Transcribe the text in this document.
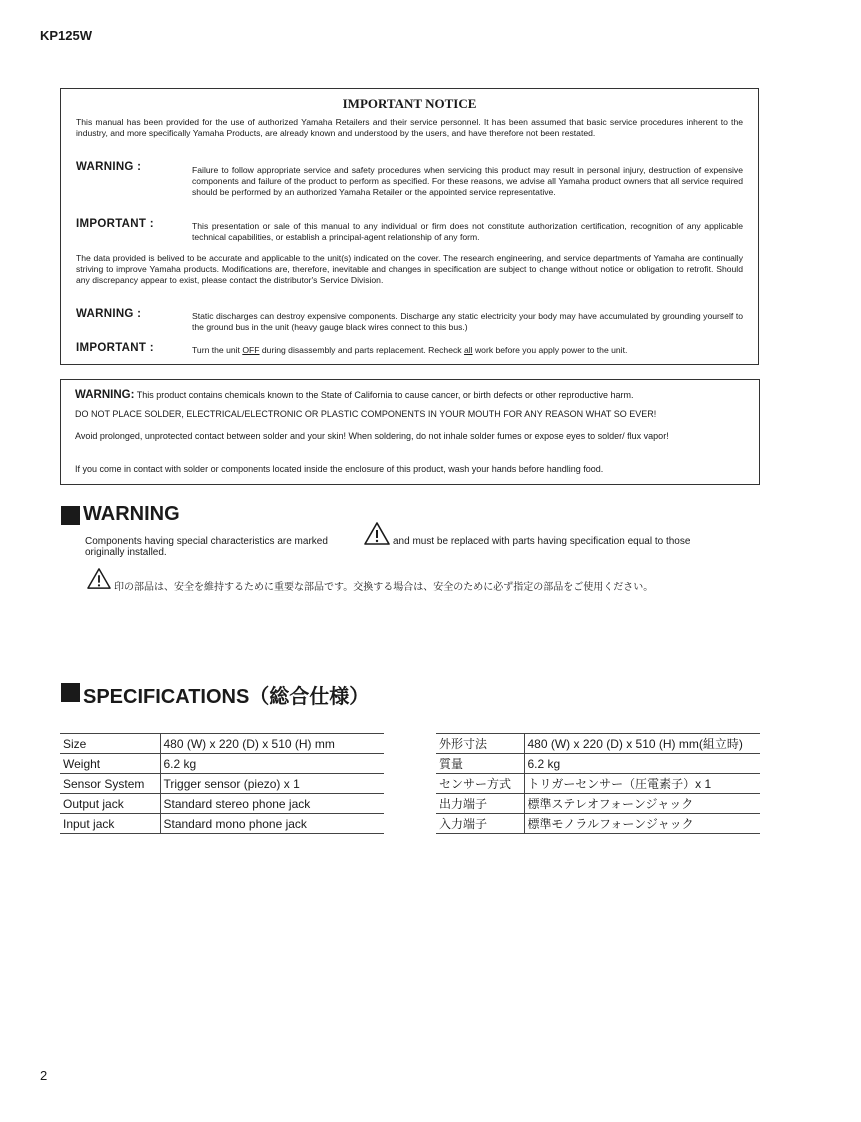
KP125W
IMPORTANT NOTICE
This manual has been provided for the use of authorized Yamaha Retailers and their service personnel. It has been assumed that basic service procedures inherent to the industry, and more specifically Yamaha Products, are already known and understood by the users, and have therefore not been restated.
WARNING :	Failure to follow appropriate service and safety procedures when servicing this product may result in personal injury, destruction of expensive components and failure of the product to perform as specified. For these reasons, we advise all Yamaha product owners that all service required should be performed by an authorized Yamaha Retailer or the appointed service representative.
IMPORTANT :	This presentation or sale of this manual to any individual or firm does not constitute authorization certification, recognition of any applicable technical capabilities, or establish a principal-agent relationship of any form.
The data provided is belived to be accurate and applicable to the unit(s) indicated on the cover. The research engineering, and service departments of Yamaha are continually striving to improve Yamaha products. Modifications are, therefore, inevitable and changes in specification are subject to change without notice or obligation to retrofit. Should any discrepancy appear to exist, please contact the distributor's Service Division.
WARNING :	Static discharges can destroy expensive components. Discharge any static electricity your body may have accumulated by grounding yourself to the ground bus in the unit (heavy gauge black wires connect to this bus.)
IMPORTANT :	Turn the unit OFF during disassembly and parts replacement. Recheck all work before you apply power to the unit.
WARNING: This product contains chemicals known to the State of California to cause cancer, or birth defects or other reproductive harm.
DO NOT PLACE SOLDER, ELECTRICAL/ELECTRONIC OR PLASTIC COMPONENTS IN YOUR MOUTH FOR ANY REASON WHAT SO EVER!
Avoid prolonged, unprotected contact between solder and your skin! When soldering, do not inhale solder fumes or expose eyes to solder/ flux vapor!
If you come in contact with solder or components located inside the enclosure of this product, wash your hands before handling food.
WARNING
Components having special characteristics are marked	and must be replaced with parts having specification equal to those
originally installed.
印の部品は、安全を維持するために重要な部品です。交換する場合は、安全のために必ず指定の部品をご使用ください。
SPECIFICATIONS（総合仕様）
Size	480 (W) x 220 (D) x 510 (H) mm
Weight	6.2 kg
Sensor System	Trigger sensor (piezo) x 1
Output jack	Standard stereo phone jack
Input jack	Standard mono phone jack
外形寸法	480 (W) x 220 (D) x 510 (H) mm(組立時)
質量	6.2 kg
センサー方式	トリガーセンサー（圧電素子）x 1
出力端子	標準ステレオフォーンジャック
入力端子	標準モノラルフォーンジャック
2
